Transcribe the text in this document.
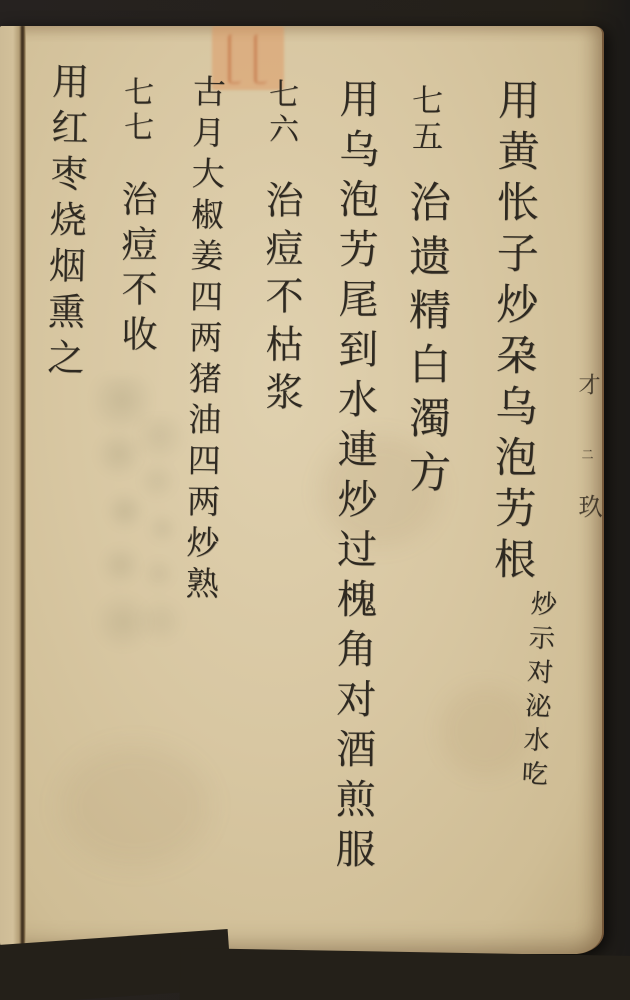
才
二
玖
用黄怅子炒朶乌泡艻根
炒示对泌水吃
七五
治遗精白濁方
用乌泡艻尾到水連炒过槐角对酒煎服
七六
治痘不枯浆
古月大椒姜四两猪油四两炒熟
七七
治痘不收
用红枣烧烟熏之
